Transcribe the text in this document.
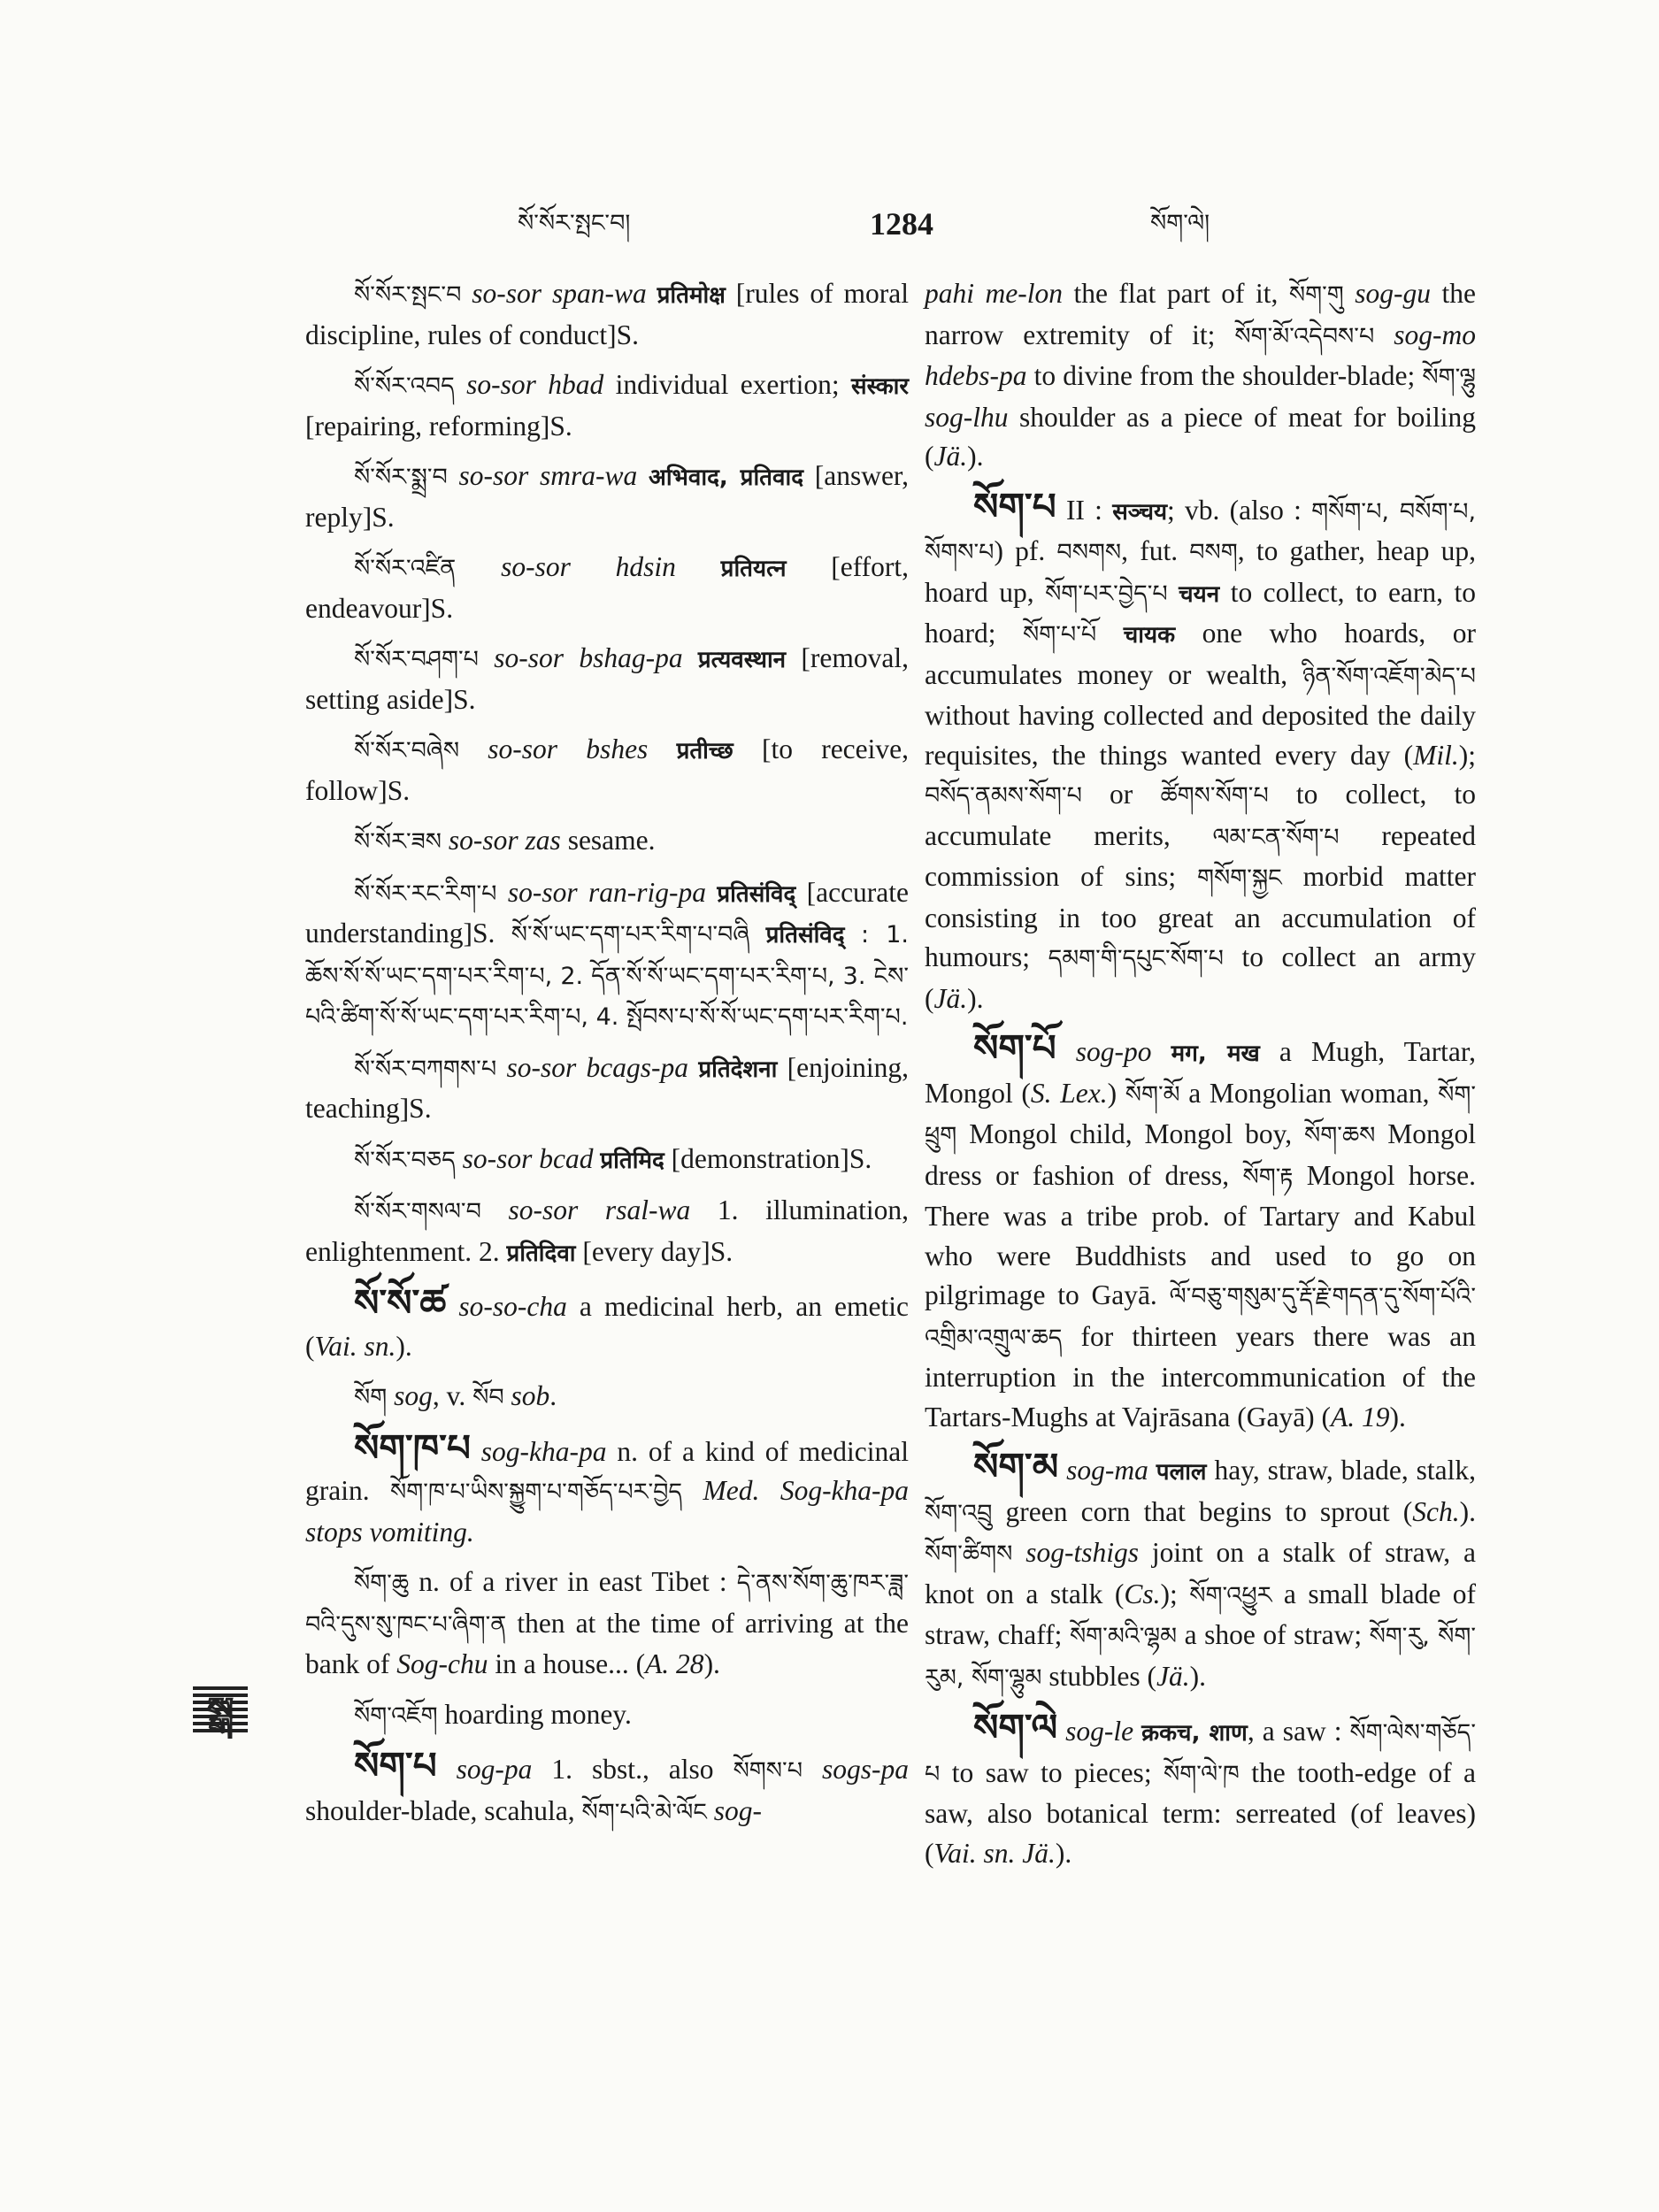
སོ་སོར་སྤང་བ།	1284	སོག་ལེ།

སོ་སོར་སྤང་བ so-sor span-wa प्रतिमोक्ष [rules of moral discipline, rules of conduct]S.

སོ་སོར་འབད so-sor hbad individual exertion; संस्कार [repairing, reforming]S.

སོ་སོར་སྨྲ་བ so-sor smra-wa अभिवाद, प्रतिवाद [answer, reply]S.

སོ་སོར་འཛིན so-sor hdsin प्रतियत्न [effort, endeavour]S.

སོ་སོར་བཤག་པ so-sor bshag-pa प्रत्यवस्थान [removal, setting aside]S.

སོ་སོར་བཞེས so-sor bshes प्रतीच्छ [to receive, follow]S.

སོ་སོར་ཟས so-sor zas sesame.

སོ་སོར་རང་རིག་པ so-sor ran-rig-pa प्रतिसंविद् [accurate understanding]S. སོ་སོ་ཡང་དག་པར་རིག་པ་བཞི प्रतिसंविद् : 1. ཆོས་སོ་སོ་ཡང་དག་པར་རིག་པ, 2. དོན་སོ་སོ་ཡང་དག་པར་རིག་པ, 3. ངེས་པའི་ཚིག་སོ་སོ་ཡང་དག་པར་རིག་པ, 4. སྤོབས་པ་སོ་སོ་ཡང་དག་པར་རིག་པ.

སོ་སོར་བཀགས་པ so-sor bcags-pa प्रतिदेशना [enjoining, teaching]S.

སོ་སོར་བཅད so-sor bcad प्रतिमिद [demonstration]S.

སོ་སོར་གསལ་བ so-sor rsal-wa 1. illumination, enlightenment. 2. प्रतिदिवा [every day]S.

སོ་སོ་ཚ so-so-cha a medicinal herb, an emetic (Vai. sn.).

སོག sog, v. སོབ sob.

སོག་ཁ་པ sog-kha-pa n. of a kind of medicinal grain. སོག་ཁ་པ་ཡིས་སྐྱུག་པ་གཅོད་པར་བྱེད Med. Sog-kha-pa stops vomiting.

སོག་ཆུ n. of a river in east Tibet : དེ་ནས་སོག་ཆུ་ཁར་ཟླ་བའི་དུས་སུ་ཁང་པ་ཞིག་ན then at the time of arriving at the bank of Sog-chu in a house... (A. 28).

སོག་འཇོག hoarding money.

སོག་པ sog-pa 1. sbst., also སོགས་པ sogs-pa shoulder-blade, scahula, སོག་པའི་མེ་ལོང sog-

pahi me-lon the flat part of it, སོག་གུ sog-gu the narrow extremity of it; སོག་མོ་འདེབས་པ sog-mo hdebs-pa to divine from the shoulder-blade; སོག་ལྷུ sog-lhu shoulder as a piece of meat for boiling (Jä.).

སོག་པ II : सञ्चय; vb. (also : གསོག་པ, བསོག་པ, སོགས་པ) pf. བསགས, fut. བསག, to gather, heap up, hoard up, སོག་པར་བྱེད་པ चयन to collect, to earn, to hoard; སོག་པ་པོ चायक one who hoards, or accumulates money or wealth, ཉིན་སོག་འཇོག་མེད་པ without having collected and deposited the daily requisites, the things wanted every day (Mil.); བསོད་ནམས་སོག་པ or ཚོགས་སོག་པ to collect, to accumulate merits, ལམ་ངན་སོག་པ repeated commission of sins; གསོག་སྐྱང morbid matter consisting in too great an accumulation of humours; དམག་གི་དཔུང་སོག་པ to collect an army (Jä.).

སོག་པོ sog-po मग, मख a Mugh, Tartar, Mongol (S. Lex.) སོག་མོ a Mongolian woman, སོག་ཕྲུག Mongol child, Mongol boy, སོག་ཆས Mongol dress or fashion of dress, སོག་རྟ Mongol horse. There was a tribe prob. of Tartary and Kabul who were Buddhists and used to go on pilgrimage to Gayā. ལོ་བཅུ་གསུམ་དུ་རྡོ་རྗེ་གདན་དུ་སོག་པོའི་འགྲིམ་འགྲུལ་ཆད for thirteen years there was an interruption in the intercommunication of the Tartars-Mughs at Vajrāsana (Gayā) (A. 19).

སོག་མ sog-ma पलाल hay, straw, blade, stalk, སོག་འབྲུ green corn that begins to sprout (Sch.). སོག་ཚིགས sog-tshigs joint on a stalk of straw, a knot on a stalk (Cs.); སོག་འཕྱུར a small blade of straw, chaff; སོག་མའི་ལྷམ a shoe of straw; སོག་རུ, སོག་རུམ, སོག་ལྷུམ stubbles (Jä.).

སོག་ལེ sog-le क्रकच, शाण, a saw : སོག་ལེས་གཅོད་པ to saw to pieces; སོག་ལེ་ཁ the tooth-edge of a saw, also botanical term: serreated (of leaves) (Vai. sn. Jä.).

སྒ
